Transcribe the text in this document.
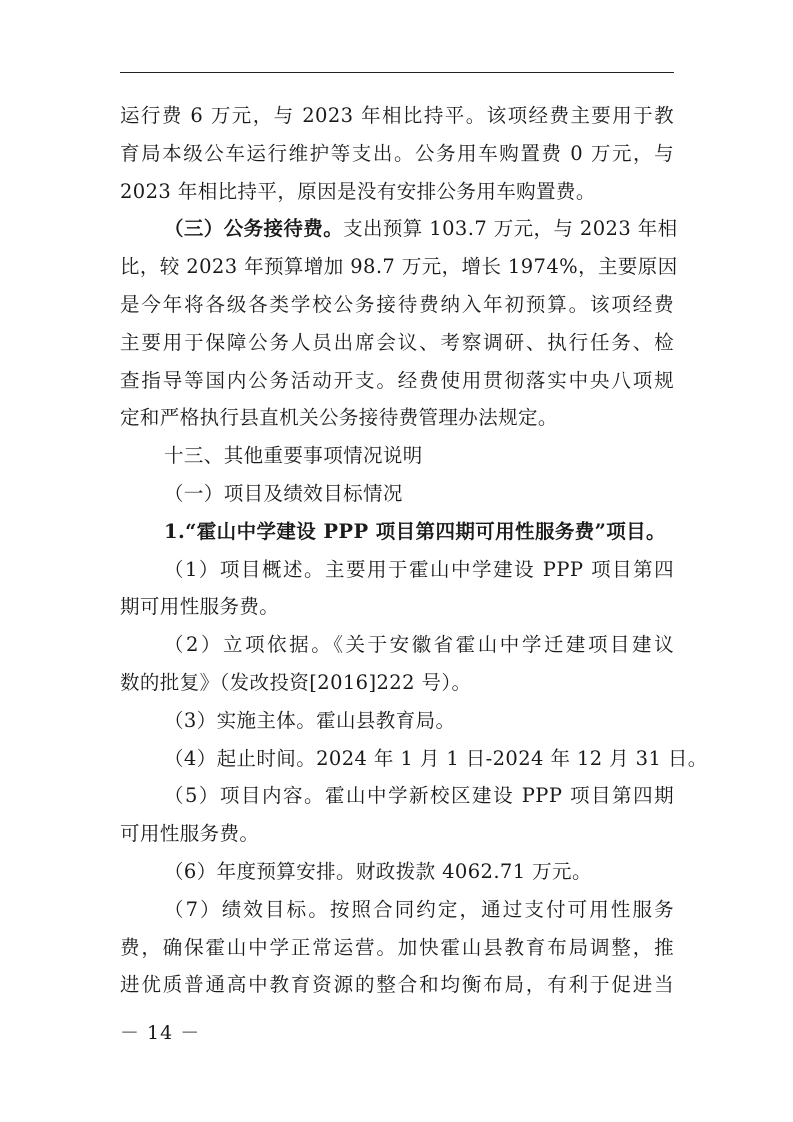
运行费 6 万元，与 2023 年相比持平。该项经费主要用于教

育局本级公车运行维护等支出。公务用车购置费 0 万元，与

2023 年相比持平，原因是没有安排公务用车购置费。

（三）公务接待费。支出预算 103.7 万元，与 2023 年相

比，较 2023 年预算增加 98.7 万元，增长 1974%，主要原因

是今年将各级各类学校公务接待费纳入年初预算。该项经费

主要用于保障公务人员出席会议、考察调研、执行任务、检

查指导等国内公务活动开支。经费使用贯彻落实中央八项规

定和严格执行县直机关公务接待费管理办法规定。

十三、其他重要事项情况说明

（一）项目及绩效目标情况

1.“霍山中学建设 PPP 项目第四期可用性服务费”项目。

（1）项目概述。主要用于霍山中学建设 PPP 项目第四

期可用性服务费。

（2）立项依据。《关于安徽省霍山中学迁建项目建议

数的批复》（发改投资[2016]222 号）。

（3）实施主体。霍山县教育局。

（4）起止时间。2024 年 1 月 1 日-2024 年 12 月 31 日。

（5）项目内容。霍山中学新校区建设 PPP 项目第四期

可用性服务费。

（6）年度预算安排。财政拨款 4062.71 万元。

（7）绩效目标。按照合同约定，通过支付可用性服务

费，确保霍山中学正常运营。加快霍山县教育布局调整，推

进优质普通高中教育资源的整合和均衡布局，有利于促进当

－ 14 －
